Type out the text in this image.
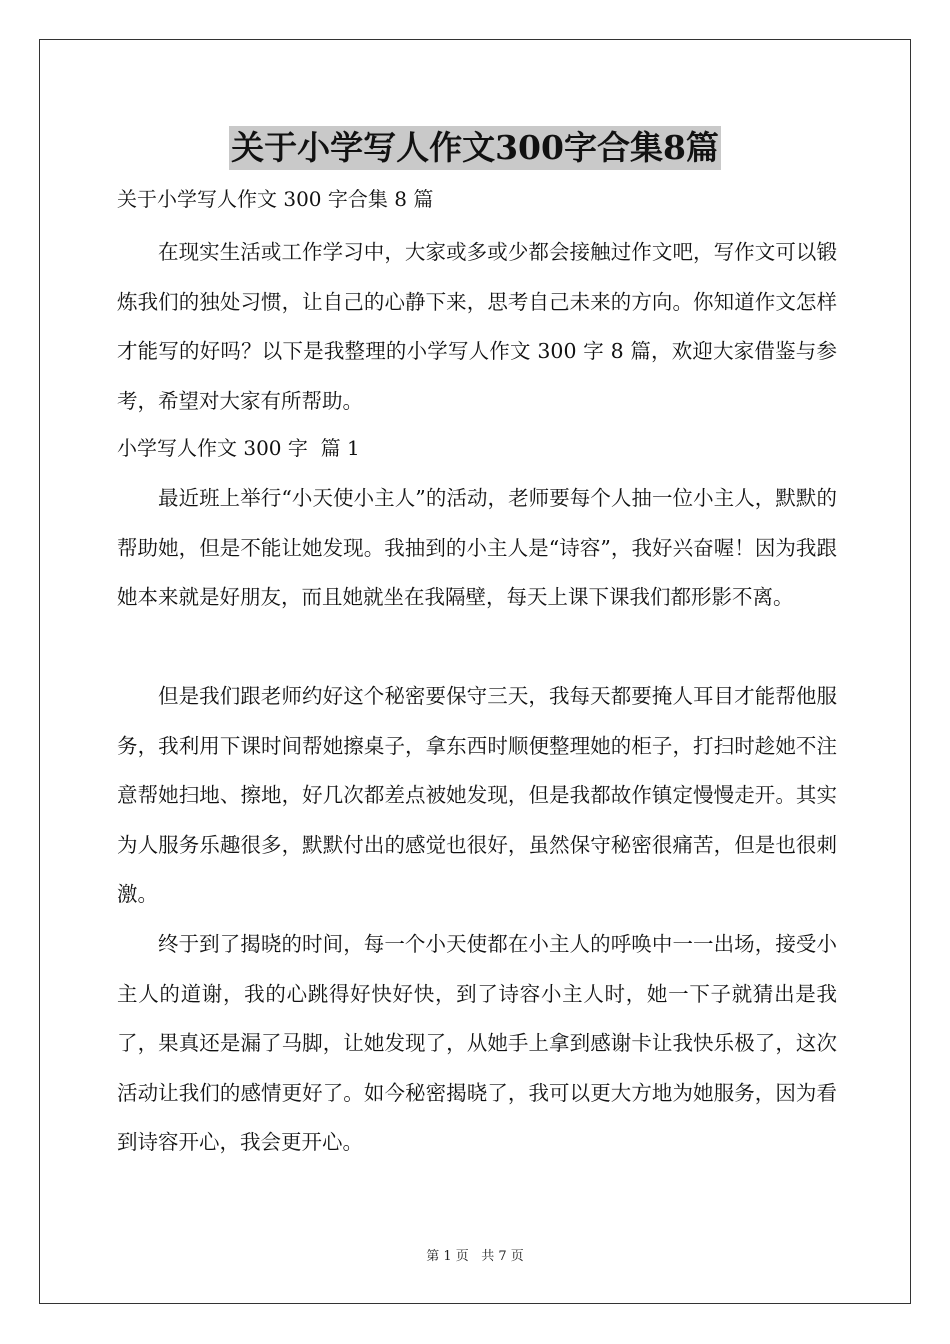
关于小学写人作文300字合集8篇
关于小学写人作文 300 字合集 8 篇

在现实生活或工作学习中，大家或多或少都会接触过作文吧，写作文可以锻炼我们的独处习惯，让自己的心静下来，思考自己未来的方向。你知道作文怎样才能写的好吗？以下是我整理的小学写人作文 300 字 8 篇，欢迎大家借鉴与参考，希望对大家有所帮助。

小学写人作文 300 字  篇 1

最近班上举行“小天使小主人”的活动，老师要每个人抽一位小主人，默默的帮助她，但是不能让她发现。我抽到的小主人是“诗容”，我好兴奋喔！因为我跟她本来就是好朋友，而且她就坐在我隔壁，每天上课下课我们都形影不离。

但是我们跟老师约好这个秘密要保守三天，我每天都要掩人耳目才能帮他服务，我利用下课时间帮她擦桌子，拿东西时顺便整理她的柜子，打扫时趁她不注意帮她扫地、擦地，好几次都差点被她发现，但是我都故作镇定慢慢走开。其实为人服务乐趣很多，默默付出的感觉也很好，虽然保守秘密很痛苦，但是也很刺激。

终于到了揭晓的时间，每一个小天使都在小主人的呼唤中一一出场，接受小主人的道谢，我的心跳得好快好快，到了诗容小主人时，她一下子就猜出是我了，果真还是漏了马脚，让她发现了，从她手上拿到感谢卡让我快乐极了，这次活动让我们的感情更好了。如今秘密揭晓了，我可以更大方地为她服务，因为看到诗容开心，我会更开心。

第 1 页   共 7 页
